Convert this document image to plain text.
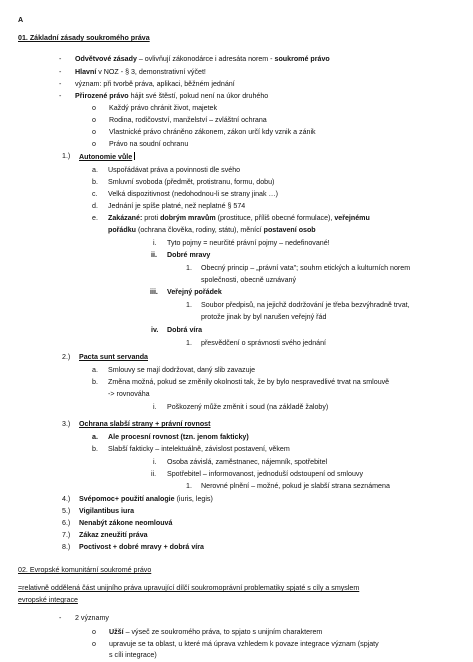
A
01. Základní zásady soukromého práva
- Odvětvové zásady – ovlivňují zákonodárce i adresáta norem - soukromé právo
- Hlavní v NOZ - § 3, demonstrativní výčet!
- význam: při tvorbě práva, aplikaci, běžném jednání
- Přirozené právo hájit své štěstí, pokud není na úkor druhého
o Každý právo chránit život, majetek
o Rodina, rodičovství, manželství – zvláštní ochrana
o Vlastnické právo chráněno zákonem, zákon určí kdy vznik a zánik
o Právo na soudní ochranu
1.) Autonomie vůle
a. Uspořádávat práva a povinnosti dle svého
b. Smluvní svoboda (předmět, protistranu, formu, dobu)
c. Velká dispozitivnost (nedohodnou-li se strany jinak …)
d. Jednání je spíše platné, než neplatné § 574
e. Zakázané: proti dobrým mravům (prostituce, příliš obecné formulace), veřejnému
pořádku (ochrana člověka, rodiny, státu), měnící postavení osob
i. Tyto pojmy = neurčité právní pojmy – nedefinované!
ii. Dobré mravy
1. Obecný princip – „právní vata"; souhrn etických a kulturních norem
společnosti, obecně uznávaný
iii. Veřejný pořádek
1. Soubor předpisů, na jejichž dodržování je třeba bezvýhradně trvat,
protože jinak by byl narušen veřejný řád
iv. Dobrá víra
1. přesvědčení o správnosti svého jednání
2.) Pacta sunt servanda
a. Smlouvy se mají dodržovat, daný slib zavazuje
b. Změna možná, pokud se změnily okolnosti tak, že by bylo nespravedlivé trvat na smlouvě
-> rovnováha
i. Poškozený může změnit i soud (na základě žaloby)
3.) Ochrana slabší strany + právní rovnost
a. Ale procesní rovnost (tzn. jenom fakticky)
b. Slabší fakticky – intelektuálně, závislost postavení, věkem
i. Osoba závislá, zaměstnanec, nájemník, spotřebitel
ii. Spotřebitel – informovanost, jednoduší odstoupení od smlouvy
1. Nerovné plnění – možné, pokud je slabší strana seznámena
4.) Svépomoc+ použití analogie (iuris, legis)
5.) Vigilantibus iura
6.) Nenabýt zákone neomlouvá
7.) Zákaz zneužití práva
8.) Poctivost + dobré mravy + dobrá víra
02. Evropské komunitární soukromé právo
=relativně oddělená část unijního práva upravující dílčí soukromoprávní problematiky spjaté s cíly a smyslem
evropské integrace
- 2 významy
o Užší – výseč ze soukromého práva, to spjato s unijním charakterem
o upravuje se ta oblast, u které má úprava vzhledem k povaze integrace význam (spjaty
s cíli integrace)
